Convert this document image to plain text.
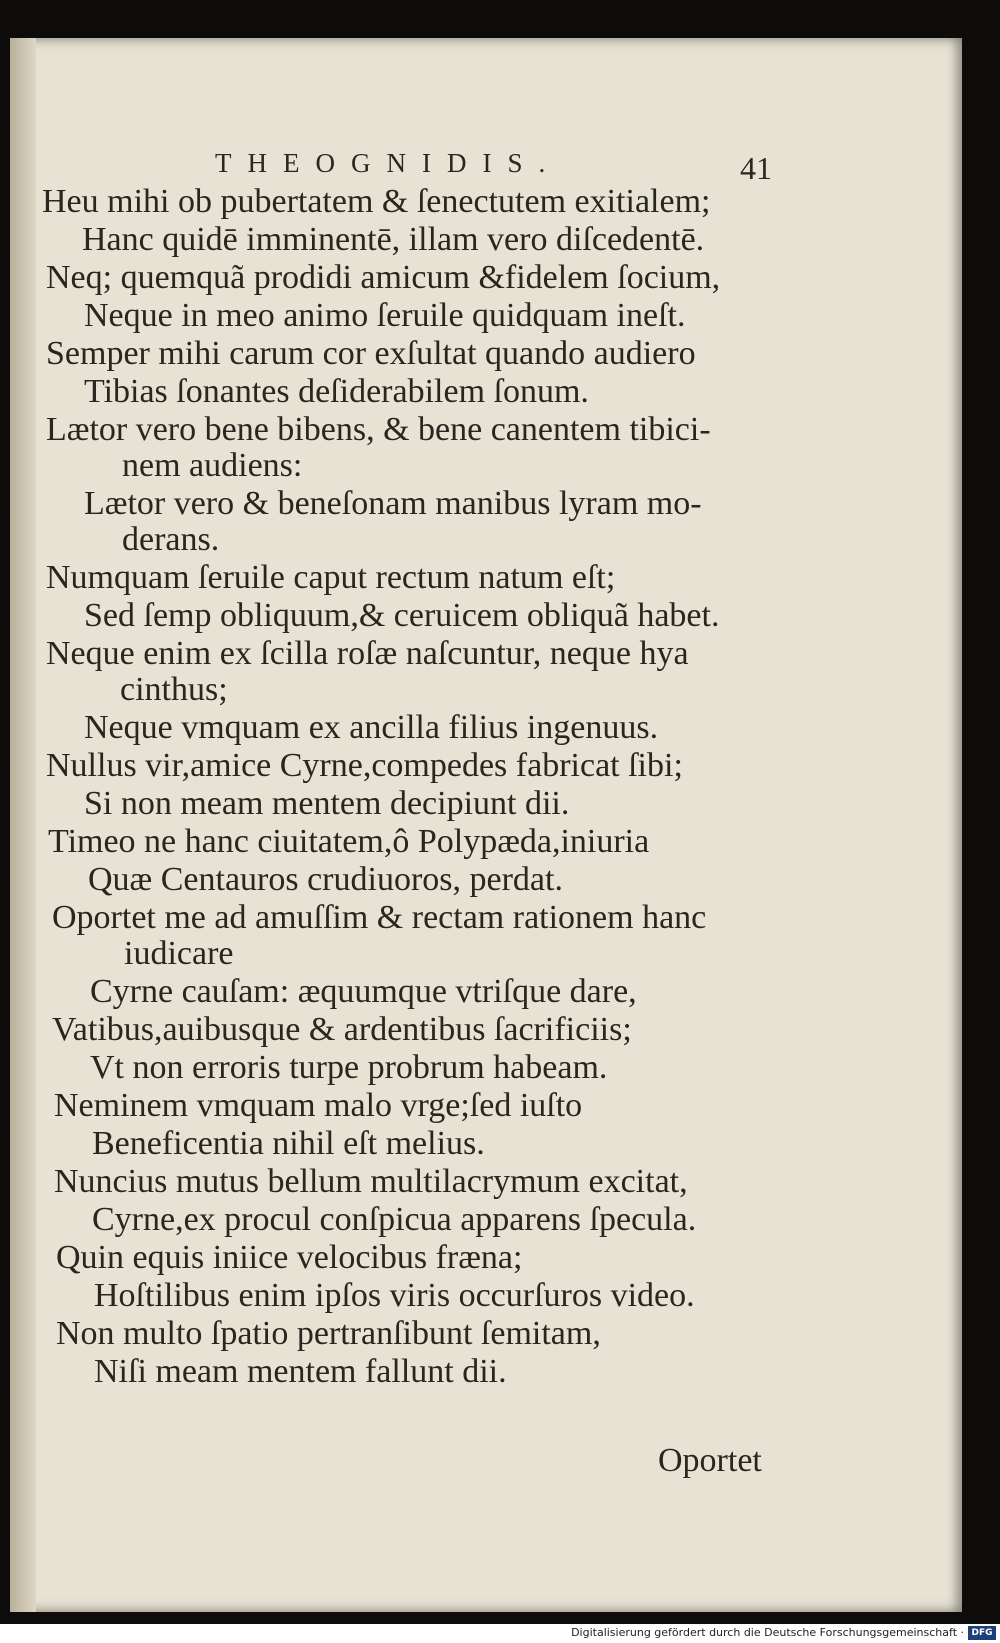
THEOGNIDIS.	41
Heu mihi ob pubertatem & ſenectutem exitialem;
Hanc quidē imminentē, illam vero diſcedentē.
Neq; quemquã prodidi amicum &fidelem ſocium,
Neque in meo animo ſeruile quidquam ineſt.
Semper mihi carum cor exſultat quando audiero
Tibias ſonantes deſiderabilem ſonum.
Lætor vero bene bibens, & bene canentem tibici-
nem audiens:
Lætor vero & beneſonam manibus lyram mo-
derans.
Numquam ſeruile caput rectum natum eſt;
Sed ſemp obliquum,& ceruicem obliquã habet.
Neque enim ex ſcilla roſæ naſcuntur, neque hya
cinthus;
Neque vmquam ex ancilla filius ingenuus.
Nullus vir,amice Cyrne,compedes fabricat ſibi;
Si non meam mentem decipiunt dii.
Timeo ne hanc ciuitatem,ô Polypæda,iniuria
Quæ Centauros crudiuoros, perdat.
Oportet me ad amuſſim & rectam rationem hanc
iudicare
Cyrne cauſam: æquumque vtriſque dare,
Vatibus,auibusque & ardentibus ſacrificiis;
Vt non erroris turpe probrum habeam.
Neminem vmquam malo vrge;ſed iuſto
Beneficentia nihil eſt melius.
Nuncius mutus bellum multilacrymum excitat,
Cyrne,ex procul conſpicua apparens ſpecula.
Quin equis iniice velocibus fræna;
Hoſtilibus enim ipſos viris occurſuros video.
Non multo ſpatio pertranſibunt ſemitam,
Niſi meam mentem fallunt dii.
Oportet
Digitalisierung gefördert durch die Deutsche Forschungsgemeinschaft · DFG
